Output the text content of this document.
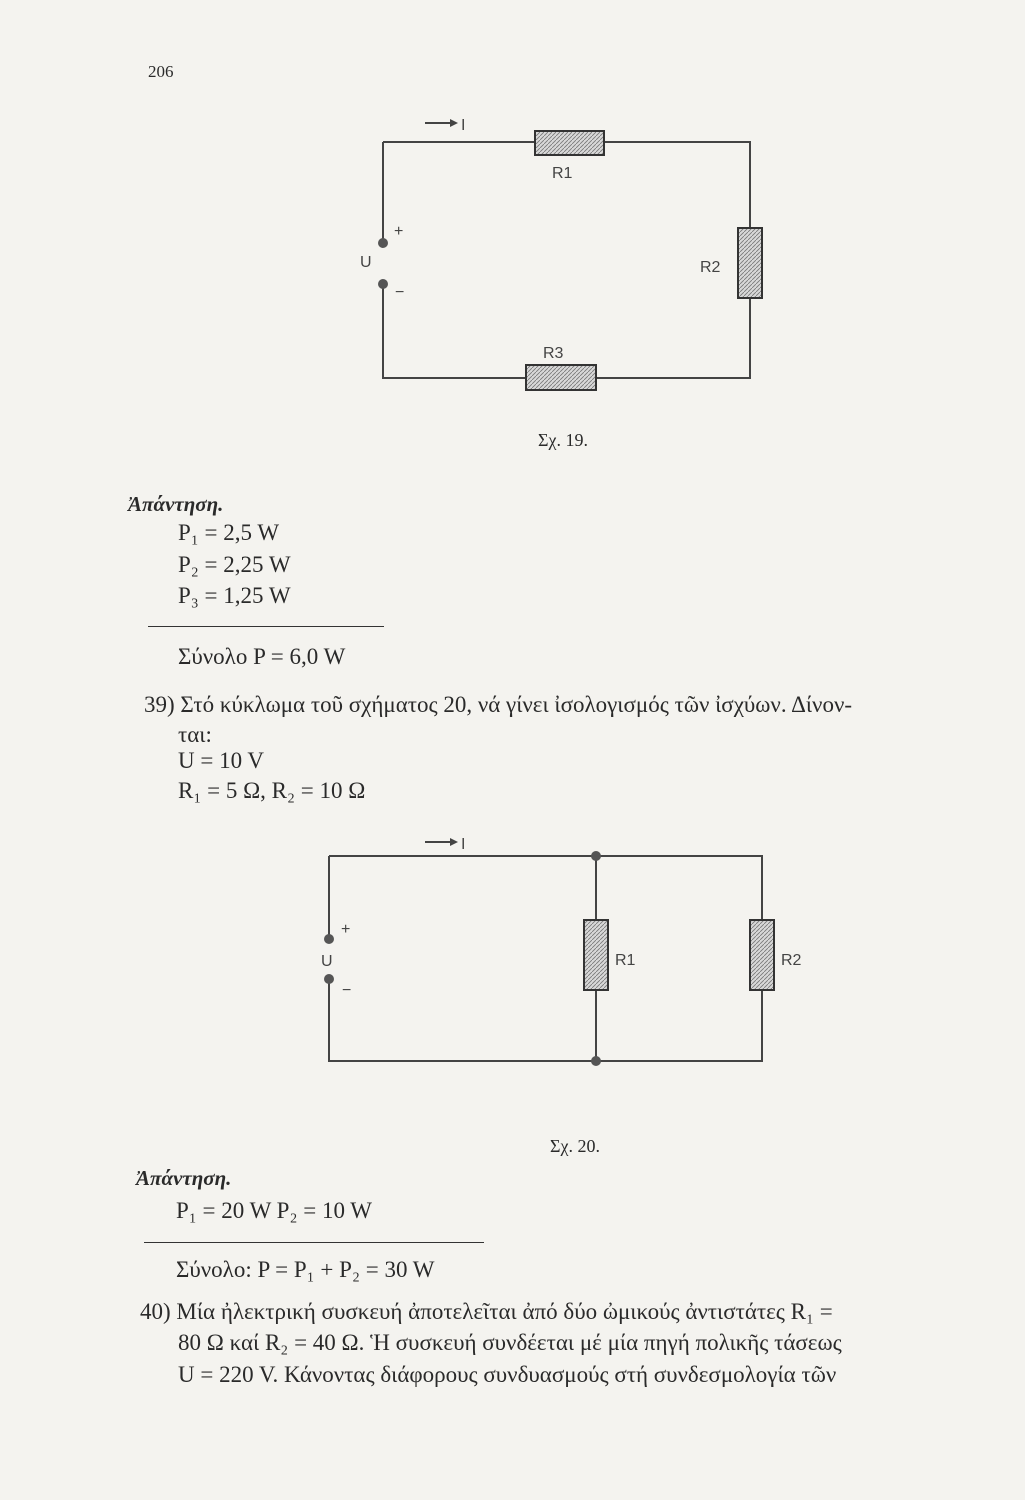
206
I
+
U
−
R1
R2
R3
I
+
U
−
R1	R2
Σχ. 19.
Ἀπάντηση.
P₁ = 2,5 W
P₂ = 2,25 W
P₃ = 1,25 W
Σύνολο P = 6,0 W
39) Στό κύκλωμα τοῦ σχήματος 20, νά γίνει ἰσολογισμός τῶν ἰσχύων. Δίνον-
ται:
U = 10 V
R₁ = 5 Ω, R₂ = 10 Ω
Σχ. 20.
Ἀπάντηση.
P₁ = 20 W P₂ = 10 W
Σύνολο: P = P₁ + P₂ = 30 W
40) Μία ἠλεκτρική συσκευή ἀποτελεῖται ἀπό δύο ὠμικούς ἀντιστάτες R₁ =
80 Ω καί R₂ = 40 Ω. Ἡ συσκευή συνδέεται μέ μία πηγή πολικῆς τάσεως
U = 220 V. Κάνοντας διάφορους συνδυασμούς στή συνδεσμολογία τῶν
